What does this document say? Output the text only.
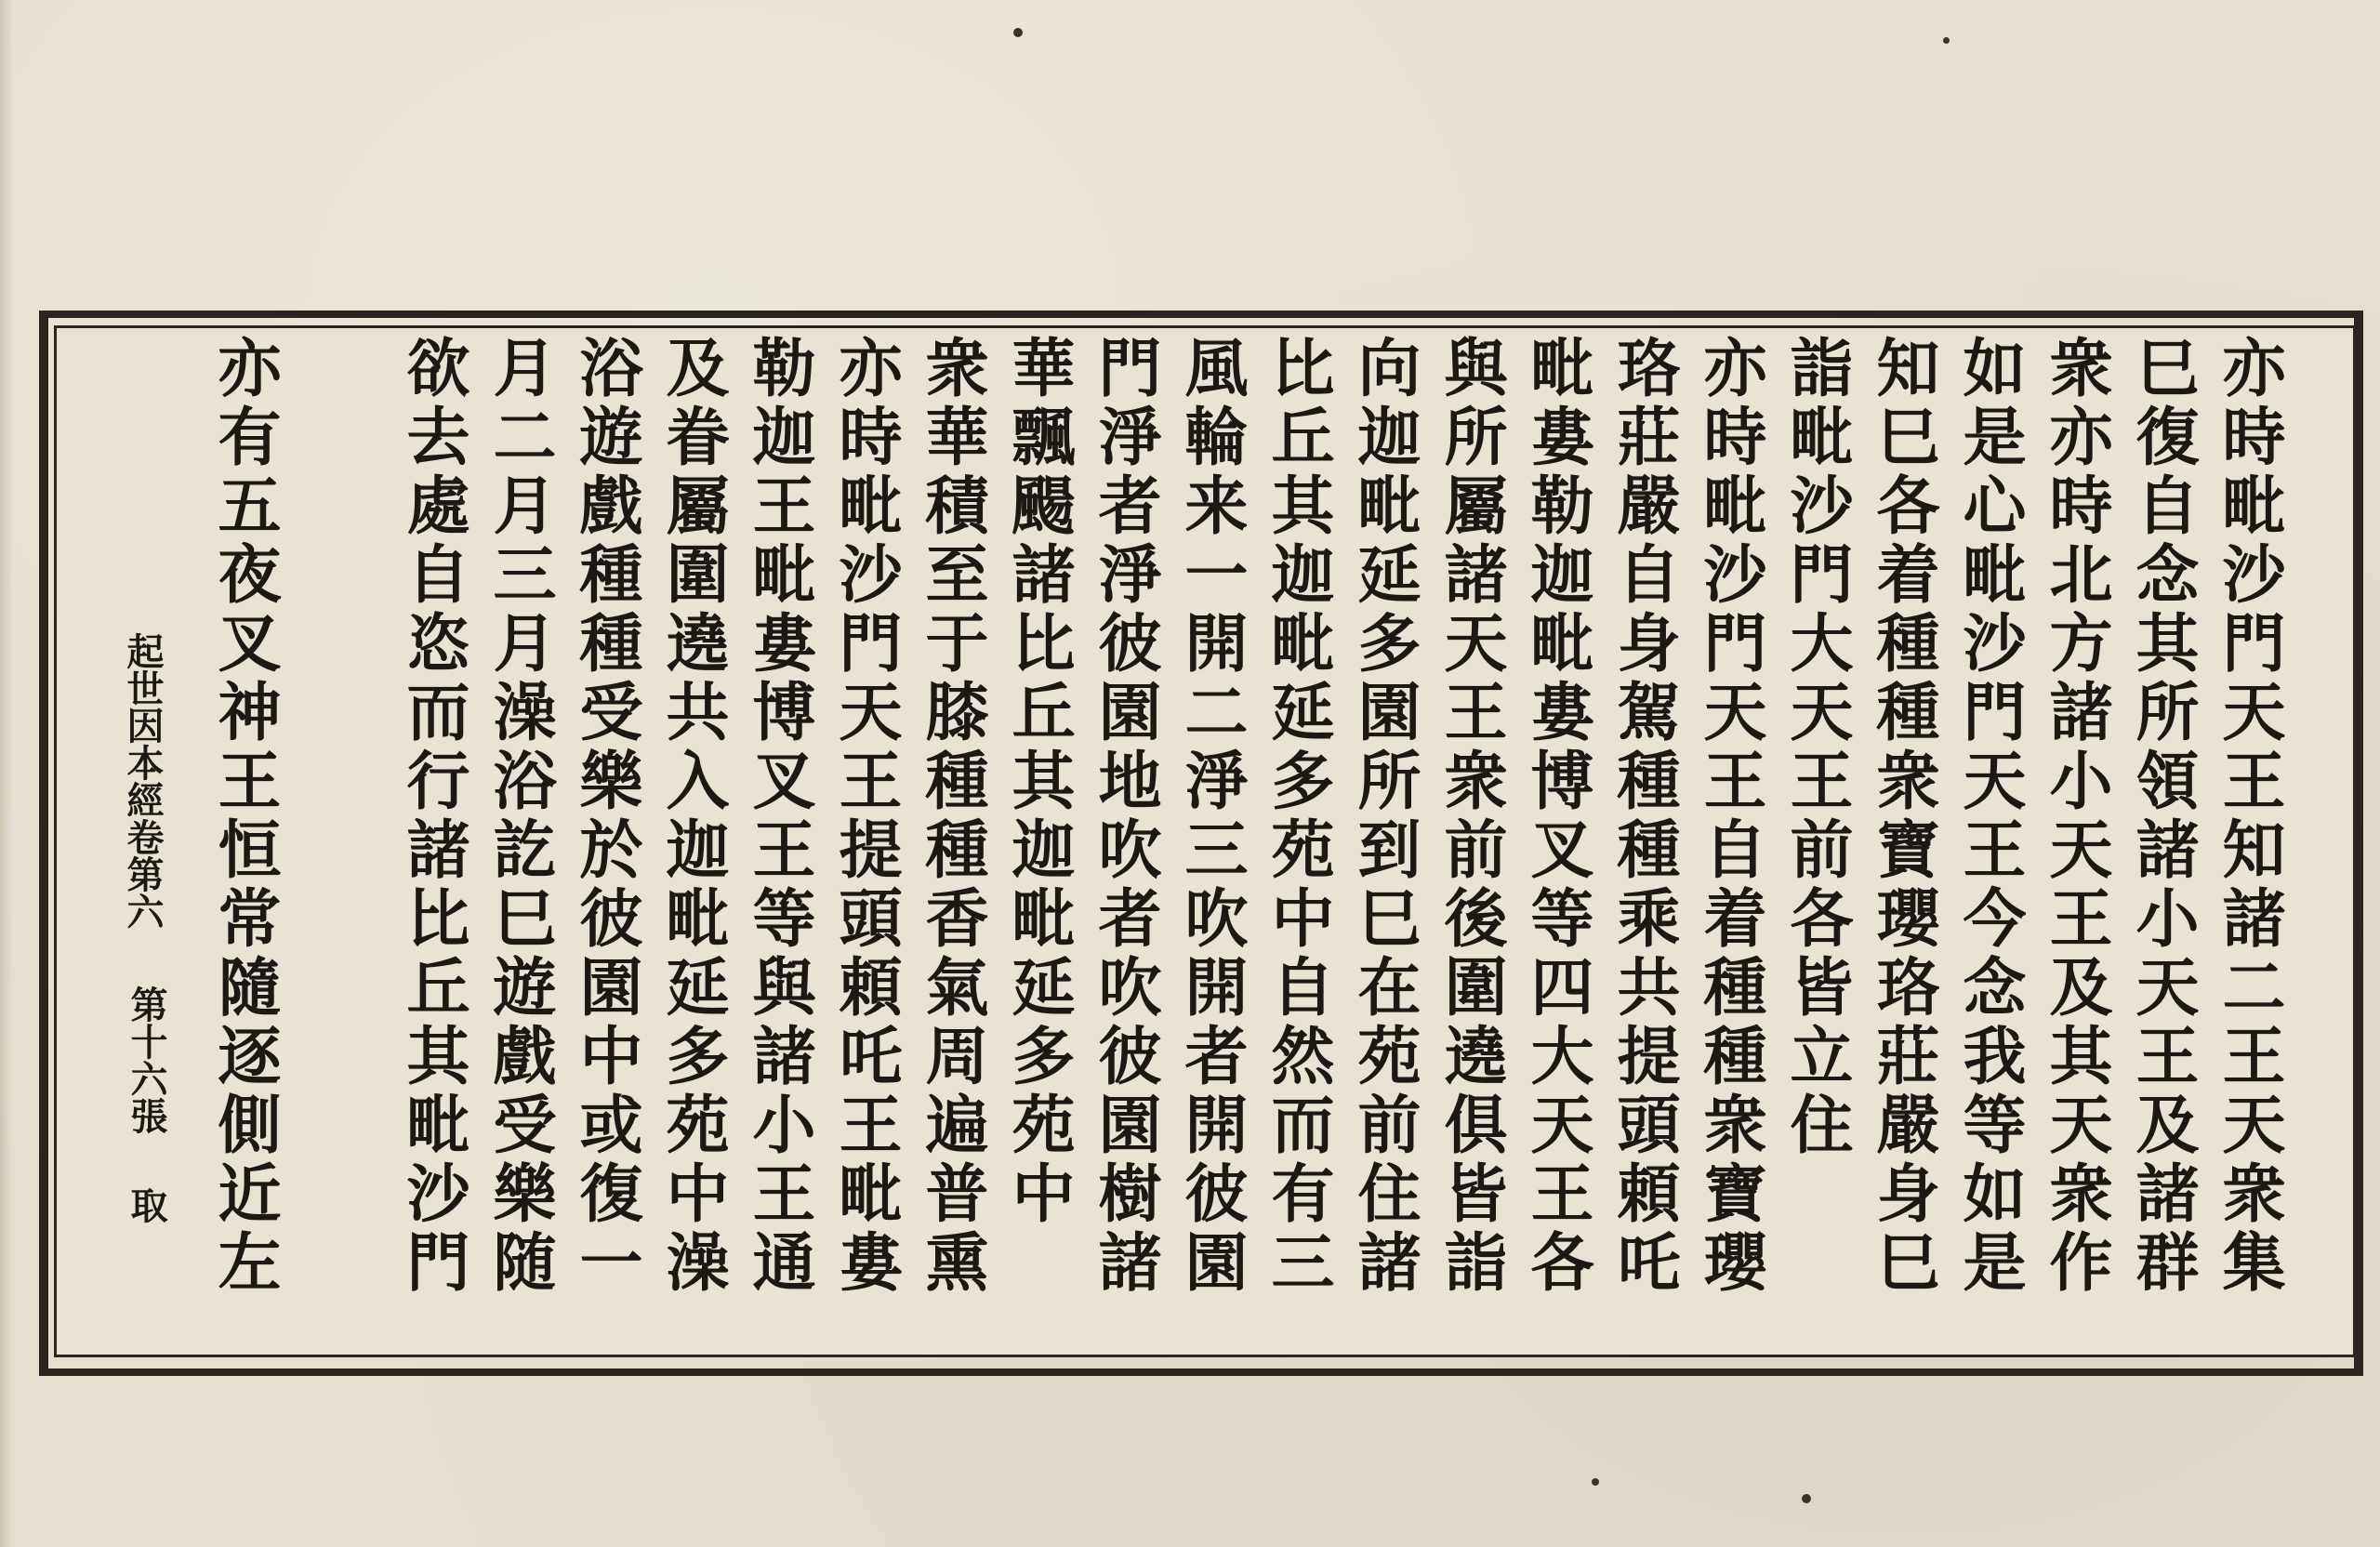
亦時毗沙門天王知諸二王天衆集
巳復自念其所領諸小天王及諸群
衆亦時北方諸小天王及其天衆作
如是心毗沙門天王今念我等如是
知巳各着種種衆寶瓔珞莊嚴身巳
詣毗沙門大天王前各皆立住
亦時毗沙門天王自着種種衆寶瓔
珞莊嚴自身駕種種乘共提頭頼吒
毗婁勒迦毗婁博叉等四大天王各
與所屬諸天王衆前後圍遶俱皆詣
向迦毗延多園所到巳在苑前住諸
比丘其迦毗延多苑中自然而有三
風輪来一開二淨三吹開者開彼園
門淨者淨彼園地吹者吹彼園樹諸
華飄颺諸比丘其迦毗延多苑中
衆華積至于膝種種香氣周遍普熏
亦時毗沙門天王提頭頼吒王毗婁
勒迦王毗婁博叉王等與諸小王通
及眷屬圍遶共入迦毗延多苑中澡
浴遊戲種種受樂於彼園中或復一
月二月三月澡浴訖巳遊戲受樂随
欲去處自恣而行諸比丘其毗沙門
亦有五夜叉神王恒常隨逐側近左
起世因本經卷第六
第十六張
取
